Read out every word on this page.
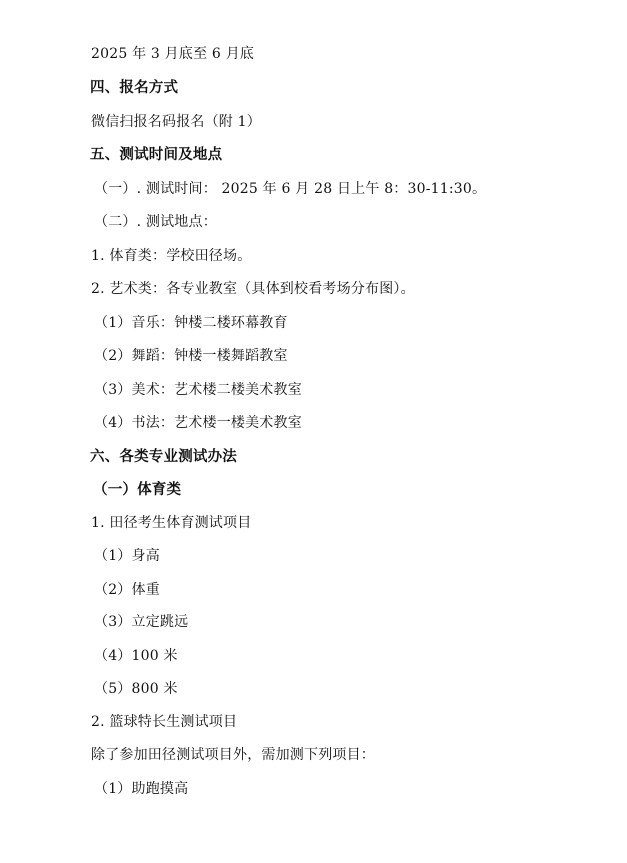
2025 年 3 月底至 6 月底
四、报名方式
微信扫报名码报名（附 1）
五、测试时间及地点
（一）. 测试时间： 2025 年 6 月 28 日上午 8：30-11:30。
（二）. 测试地点：
1. 体育类：学校田径场。
2. 艺术类：各专业教室（具体到校看考场分布图）。
（1）音乐：钟楼二楼环幕教育
（2）舞蹈：钟楼一楼舞蹈教室
（3）美术：艺术楼二楼美术教室
（4）书法：艺术楼一楼美术教室
六、各类专业测试办法
（一）体育类
1. 田径考生体育测试项目
（1）身高
（2）体重
（3）立定跳远
（4）100 米
（5）800 米
2. 篮球特长生测试项目
除了参加田径测试项目外，需加测下列项目：
（1）助跑摸高
